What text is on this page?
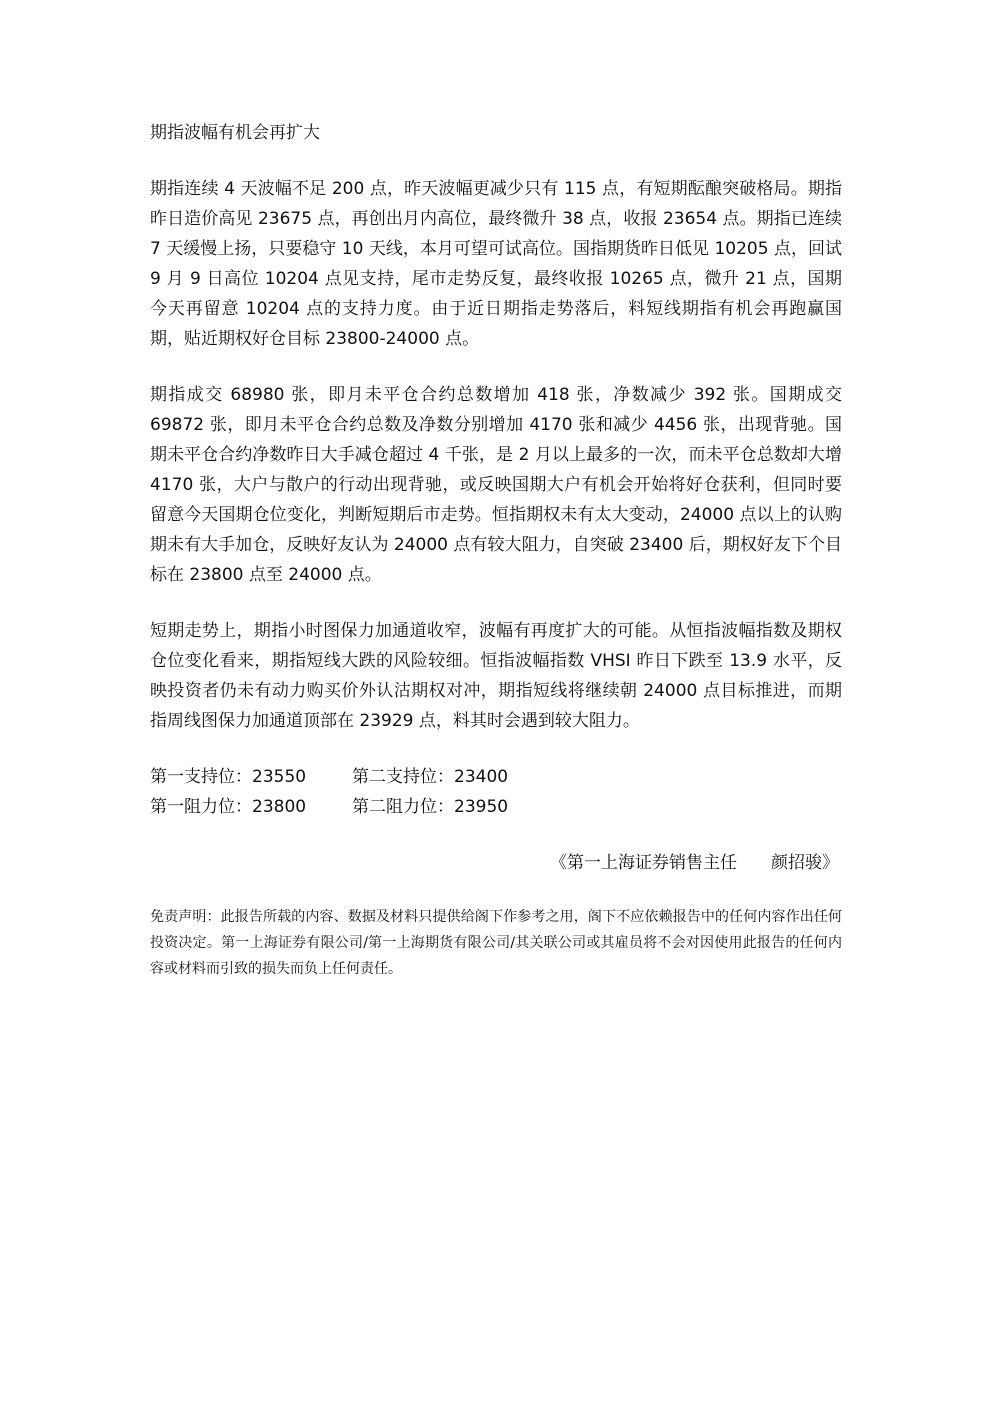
期指波幅有机会再扩大

期指连续 4 天波幅不足 200 点，昨天波幅更减少只有 115 点，有短期酝酿突破格局。期指昨日造价高见 23675 点，再创出月内高位，最终微升 38 点，收报 23654 点。期指已连续 7 天缓慢上扬，只要稳守 10 天线，本月可望可试高位。国指期货昨日低见 10205 点，回试 9 月 9 日高位 10204 点见支持，尾市走势反复，最终收报 10265 点，微升 21 点，国期今天再留意 10204 点的支持力度。由于近日期指走势落后，料短线期指有机会再跑赢国期，贴近期权好仓目标 23800-24000 点。

期指成交 68980 张，即月未平仓合约总数增加 418 张，净数减少 392 张。国期成交 69872 张，即月未平仓合约总数及净数分别增加 4170 张和减少 4456 张，出现背驰。国期未平仓合约净数昨日大手减仓超过 4 千张，是 2 月以上最多的一次，而未平仓总数却大增 4170 张，大户与散户的行动出现背驰，或反映国期大户有机会开始将好仓获利，但同时要留意今天国期仓位变化，判断短期后市走势。恒指期权未有太大变动，24000 点以上的认购期未有大手加仓，反映好友认为 24000 点有较大阻力，自突破 23400 后，期权好友下个目标在 23800 点至 24000 点。

短期走势上，期指小时图保力加通道收窄，波幅有再度扩大的可能。从恒指波幅指数及期权仓位变化看来，期指短线大跌的风险较细。恒指波幅指数 VHSI 昨日下跌至 13.9 水平，反映投资者仍未有动力购买价外认沽期权对冲，期指短线将继续朝 24000 点目标推进，而期指周线图保力加通道顶部在 23929 点，料其时会遇到较大阻力。

第一支持位：23550	第二支持位：23400
第一阻力位：23800	第二阻力位：23950

《第一上海证券销售主任　　颜招骏》

免责声明：此报告所载的内容、数据及材料只提供给阁下作参考之用，阁下不应依赖报告中的任何内容作出任何投资决定。第一上海证券有限公司/第一上海期货有限公司/其关联公司或其雇员将不会对因使用此报告的任何内容或材料而引致的损失而负上任何责任。
